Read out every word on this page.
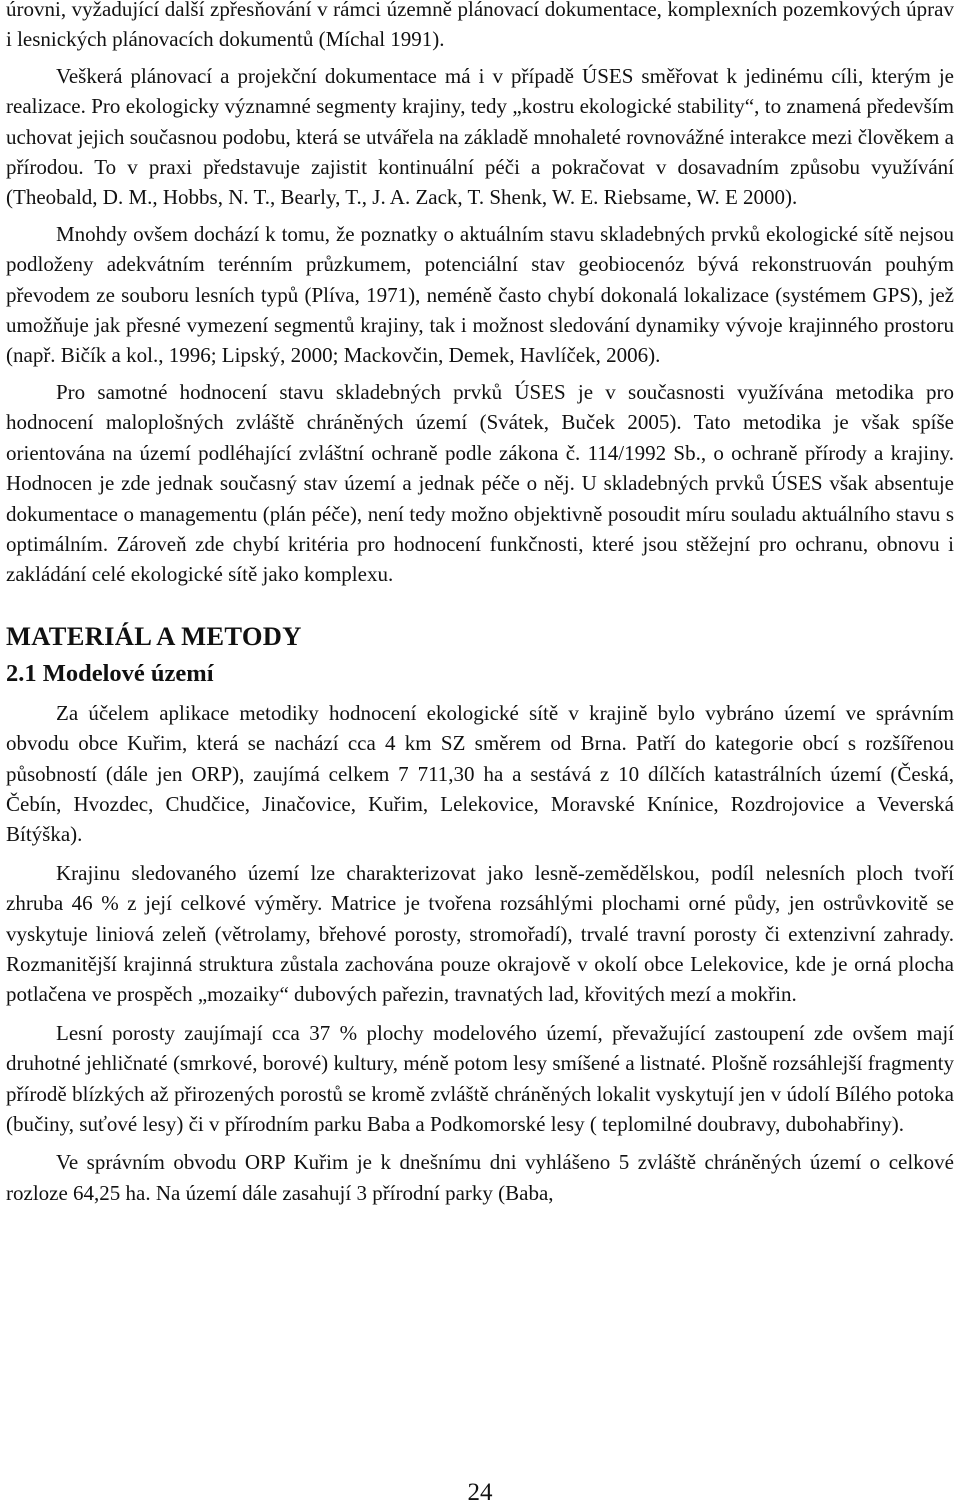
úrovni, vyžadující další zpřesňování v rámci územně plánovací dokumentace, komplexních pozemkových úprav i lesnických plánovacích dokumentů (Míchal 1991).

Veškerá plánovací a projekční dokumentace má i v případě ÚSES směřovat k jedinému cíli, kterým je realizace. Pro ekologicky významné segmenty krajiny, tedy „kostru ekologické stability“, to znamená především uchovat jejich současnou podobu, která se utvářela na základě mnohaleté rovnovážné interakce mezi člověkem a přírodou. To v praxi představuje zajistit kontinuální péči a pokračovat v dosavadním způsobu využívání (Theobald, D. M., Hobbs, N. T., Bearly, T., J. A. Zack, T. Shenk, W. E. Riebsame, W. E 2000).

Mnohdy ovšem dochází k tomu, že poznatky o aktuálním stavu skladebných prvků ekologické sítě nejsou podloženy adekvátním terénním průzkumem, potenciální stav geobiocenóz bývá rekonstruován pouhým převodem ze souboru lesních typů (Plíva, 1971), neméně často chybí dokonalá lokalizace (systémem GPS), jež umožňuje jak přesné vymezení segmentů krajiny, tak i možnost sledování dynamiky vývoje krajinného prostoru (např. Bičík a kol., 1996; Lipský, 2000; Mackovčin, Demek, Havlíček, 2006).

Pro samotné hodnocení stavu skladebných prvků ÚSES je v současnosti využívána metodika pro hodnocení maloplošných zvláště chráněných území (Svátek, Buček 2005). Tato metodika je však spíše orientována na území podléhající zvláštní ochraně podle zákona č. 114/1992 Sb., o ochraně přírody a krajiny. Hodnocen je zde jednak současný stav území a jednak péče o něj. U skladebných prvků ÚSES však absentuje dokumentace o managementu (plán péče), není tedy možno objektivně posoudit míru souladu aktuálního stavu s optimálním. Zároveň zde chybí kritéria pro hodnocení funkčnosti, které jsou stěžejní pro ochranu, obnovu i zakládání celé ekologické sítě jako komplexu.

MATERIÁL A METODY
2.1 Modelové území

Za účelem aplikace metodiky hodnocení ekologické sítě v krajině bylo vybráno území ve správním obvodu obce Kuřim, která se nachází cca 4 km SZ směrem od Brna. Patří do kategorie obcí s rozšířenou působností (dále jen ORP), zaujímá celkem 7 711,30 ha a sestává z 10 dílčích katastrálních území (Česká, Čebín, Hvozdec, Chudčice, Jinačovice, Kuřim, Lelekovice, Moravské Knínice, Rozdrojovice a Veverská Bítýška).

Krajinu sledovaného území lze charakterizovat jako lesně-zemědělskou, podíl nelesních ploch tvoří zhruba 46 % z její celkové výměry. Matrice je tvořena rozsáhlými plochami orné půdy, jen ostrůvkovitě se vyskytuje liniová zeleň (větrolamy, břehové porosty, stromořadí), trvalé travní porosty či extenzivní zahrady. Rozmanitější krajinná struktura zůstala zachována pouze okrajově v okolí obce Lelekovice, kde je orná plocha potlačena ve prospěch „mozaiky“ dubových pařezin, travnatých lad, křovitých mezí a mokřin.

Lesní porosty zaujímají cca 37 % plochy modelového území, převažující zastoupení zde ovšem mají druhotné jehličnaté (smrkové, borové) kultury, méně potom lesy smíšené a listnaté. Plošně rozsáhlejší fragmenty přírodě blízkých až přirozených porostů se kromě zvláště chráněných lokalit vyskytují jen v údolí Bílého potoka (bučiny, suťové lesy) či v přírodním parku Baba a Podkomorské lesy ( teplomilné doubravy, dubohabřiny).

Ve správním obvodu ORP Kuřim je k dnešnímu dni vyhlášeno 5 zvláště chráněných území o celkové rozloze 64,25 ha. Na území dále zasahují 3 přírodní parky (Baba,

24
